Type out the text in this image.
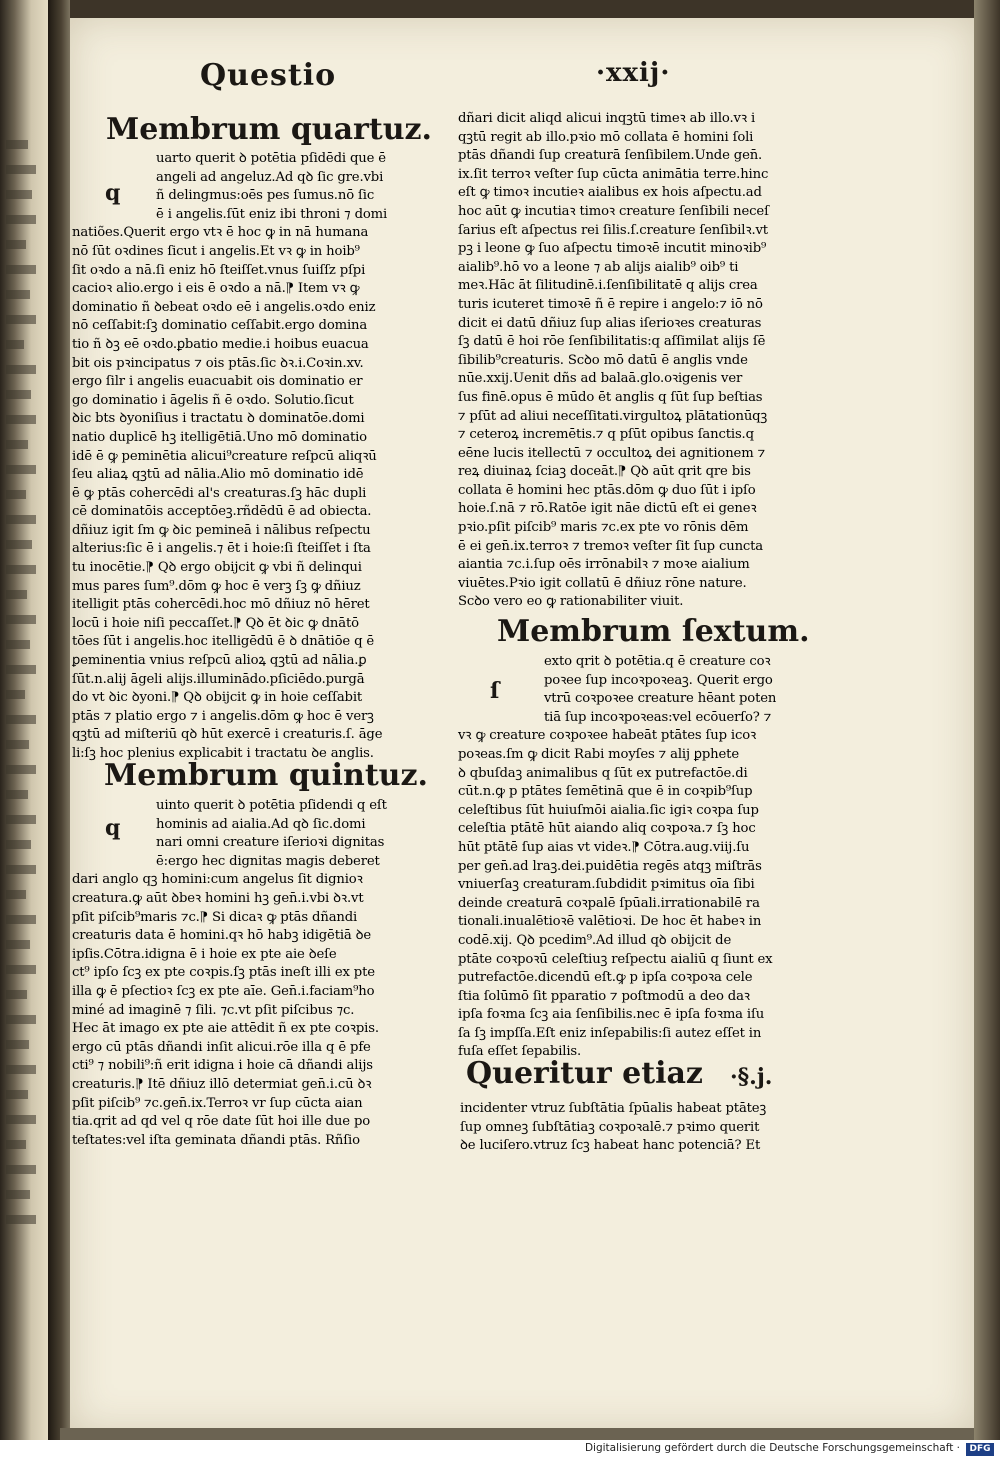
Questio	·xxij·
Membrum quartuz.
q
uarto querit ꝺ potētia pſidēdi que ē
angeli ad angeluz.Ad qꝺ ſic gre.vbi
ñ delingmus:oēs pes ſumus.nō ſic
ē i angelis.ſūt eniz ibi throni ⁊ domi
natiões.Querit ergo vtꝛ ē hoc ꝙ in nā humana
nō ſūt oꝛdines ſicut i angelis.Et vꝛ ꝙ in hoib⁹
ſit oꝛdo a nā.ſi eniz hō ſteiſſet.vnus ſuiſſz pſpi
cacioꝛ alio.ergo i eis ē oꝛdo a nā.⁋ Item vꝛ ꝙ
dominatio ñ ꝺebeat oꝛdo eē i angelis.oꝛdo eniz
nō ceſſabit:ſꝫ dominatio ceſſabit.ergo domina
tio ñ ꝺꝫ eē oꝛdo.ꝑbatio medie.i hoibus euacua
bit ois pꝛincipatus ⁊ ois ptās.ſic ꝺꝛ.i.Coꝛin.xv.
ergo ſilr i angelis euacuabit ois dominatio er
go dominatio i āgelis ñ ē oꝛdo. Solutio.ſicut
ꝺic bts ꝺyoniſius i tractatu ꝺ dominatōe.domi
natio duplicē hꝫ itelligētiā.Uno mō dominatio
idē ē ꝙ peminētia alicui⁹creature reſpcū aliqꝛū
ſeu aliaꝝ qꝫtū ad nālia.Alio mō dominatio idē
ē ꝙ ptās cohercēdi al's creaturas.ſꝫ hāc dupli
cē dominatōis acceptōeꝫ.rñdēdū ē ad obiecta.
dñiuz igit ſm ꝙ ꝺic pemineā i nālibus reſpectu
alterius:ſic ē i angelis.⁊ ēt i hoie:ſi ſteiſſet i ſta
tu inocētie.⁋ Qꝺ ergo obijcit ꝙ vbi ñ delinqui
mus pares ſum⁹.dōm ꝙ hoc ē verꝫ ſꝫ ꝙ dñiuz
itelligit ptās cohercēdi.hoc mō dñiuz nō hēret
locū i hoie niſi peccaſſet.⁋ Qꝺ ēt ꝺic ꝙ dnātō
tōes ſūt i angelis.hoc itelligēdū ē ꝺ dnātiōe q ē
ꝑeminentia vnius reſpcū alioꝝ qꝫtū ad nālia.ꝑ
ſūt.n.alij āgeli alijs.illuminādo.pſiciēdo.purgā
do vt ꝺic ꝺyoni.⁋ Qꝺ obijcit ꝙ in hoie ceſſabit
ptās ⁊ platio ergo ⁊ i angelis.dōm ꝙ hoc ē verꝫ
qꝫtū ad miſteriū qꝺ hūt exercē i creaturis.ſ. āge
li:ſꝫ hoc plenius explicabit i tractatu ꝺe anglis.
Membrum quintuz.
q
uinto querit ꝺ potētia pſidendi q eſt
hominis ad aialia.Ad qꝺ ſic.domi
nari omni creature iſerioꝛi dignitas
ē:ergo hec dignitas magis deberet
dari anglo qꝫ homini:cum angelus ſit dignioꝛ
creatura.ꝙ aūt ꝺbeꝛ homini hꝫ gen̄.i.vbi ꝺꝛ.vt
pſit piſcib⁹maris ⁊c.⁋ Si dicaꝛ ꝙ ptās dñandi
creaturis data ē homini.qꝛ hō habꝫ idigētiā ꝺe
ipſis.Cōtra.idigna ē i hoie ex pte aie ꝺeſe
ct⁹ ipſo ſcꝫ ex pte coꝛpis.ſꝫ ptās ineſt illi ex pte
illa ꝙ ē pſectioꝛ ſcꝫ ex pte aīe. Gen̄.i.faciam⁹ho
miné ad imaginē ⁊ ſili. ⁊c.vt pſit piſcibus ⁊c.
Hec āt imago ex pte aie attēdit ñ ex pte coꝛpis.
ergo cū ptās dñandi inſit alicui.rōe illa q ē pfe
cti⁹ ⁊ nobili⁹:ñ erit idigna i hoie cā dñandi alijs
creaturis.⁋ Itē dñiuz illō determiat gen̄.i.cū ꝺꝛ
pſit piſcib⁹ ⁊c.gen̄.ix.Terroꝛ vr ſup cūcta aian
tia.qrit ad qd vel q rōe date ſūt hoi ille due po
teſtates:vel iſta geminata dñandi ptās. Rñſio
dñari dicit aliqd alicui inqꝫtū timeꝛ ab illo.vꝛ i
qꝫtū regit ab illo.pꝛio mō collata ē homini ſoli
ptās dñandi ſup creaturā ſenſibilem.Unde gen̄.
ix.ſit terroꝛ veſter ſup cūcta animātia terre.hinc
eſt ꝙ timoꝛ incutieꝛ aialibus ex hois aſpectu.ad
hoc aūt ꝙ incutiaꝛ timoꝛ creature ſenſibili neceſ
ſarius eſt aſpectus rei ſilis.ſ.creature ſenſibilꝛ.vt
pꝫ i leone ꝙ ſuo aſpectu timoꝛē incutit minoꝛib⁹
aialib⁹.hō vo a leone ⁊ ab alijs aialib⁹ oib⁹ ti
meꝛ.Hāc āt ſilitudinē.i.ſenſibilitatē q alijs crea
turis icuteret timoꝛē ñ ē repire i angelo:⁊ iō nō
dicit ei datū dñiuz ſup alias iſerioꝛes creaturas
ſꝫ datū ē hoi rōe ſenſibilitatis:q aſſimilat alijs ſē
ſibilib⁹creaturis. Scꝺo mō datū ē anglis vnde
nūe.xxij.Uenit dñs ad balaā.glo.oꝛigenis ver
ſus finē.opus ē mūdo ēt anglis q ſūt ſup beſtias
⁊ pſūt ad aliui neceſſitati.virgultoꝝ plātationūqꝫ
⁊ ceteroꝝ incremētis.⁊ q pſūt opibus ſanctis.q
eēne lucis itellectū ⁊ occultoꝝ dei agnitionem ⁊
reꝝ diuinaꝝ ſciaꝫ doceāt.⁋ Qꝺ aūt qrit qre bis
collata ē homini hec ptās.dōm ꝙ duo ſūt i ipſo
hoie.ſ.nā ⁊ rō.Ratōe igit nāe dictū eſt ei geneꝛ
pꝛio.pſit piſcib⁹ maris ⁊c.ex pte vo rōnis dēm
ē ei gen̄.ix.terroꝛ ⁊ tremoꝛ veſter ſit ſup cuncta
aiantia ⁊c.i.ſup oēs irrōnabilꝛ ⁊ moꝛe aialium
viuētes.Pꝛio igit collatū ē dñiuz rōne nature.
Scꝺo vero eo ꝙ rationabiliter viuit.
Membrum ſextum.
ſ
exto qrit ꝺ potētia.q ē creature coꝛ
poꝛee ſup incoꝛpoꝛeaꝫ. Querit ergo
vtrū coꝛpoꝛee creature hēant poten
tiā ſup incoꝛpoꝛeas:vel ecōuerſo? ⁊
vꝛ ꝙ creature coꝛpoꝛee habeāt ptātes ſup icoꝛ
poꝛeas.ſm ꝙ dicit Rabi moyſes ⁊ alij ꝑphete
ꝺ qbuſdaꝫ animalibus q ſūt ex putrefactōe.di
cūt.n.ꝙ p ptātes ſemētinā que ē in coꝛpib⁹ſup
celeſtibus ſūt huiuſmōi aialia.ſic igiꝛ coꝛpa ſup
celeſtia ptātē hūt aiando aliq coꝛpoꝛa.⁊ ſꝫ hoc
hūt ptātē ſup aias vt videꝛ.⁋ Cōtra.aug.viij.ſu
per gen̄.ad lraꝫ.dei.puidētia regēs atqꝫ miſtrās
vniuerſaꝫ creaturam.ſubdidit pꝛimitus oīa ſibi
deinde creaturā coꝛpalē ſpūali.irrationabilē ra
tionali.inualētioꝛē valētioꝛi. De hoc ēt habeꝛ in
codē.xij. Qꝺ pcedim⁹.Ad illud qꝺ obijcit de
ptāte coꝛpoꝛū celeſtiuꝫ reſpectu aialiū q ſiunt ex
putrefactōe.dicendū eſt.ꝙ p ipſa coꝛpoꝛa cele
ſtia ſolūmō ſit pparatio ⁊ poſtmodū a deo daꝛ
ipſa foꝛma ſcꝫ aia ſenſibilis.nec ē ipſa foꝛma iſu
ſa ſꝫ impſſa.Eſt eniz inſepabilis:ſi autez eſſet in
fuſa eſſet ſepabilis.
Queritur etiaz ·§.j.
incidenter vtruz ſubſtātia ſpūalis habeat ptāteꝫ
ſup omneꝫ ſubſtātiaꝫ coꝛpoꝛalē.⁊ pꝛimo querit
ꝺe luciſero.vtruz ſcꝫ habeat hanc potenciā? Et
Digitalisierung gefördert durch die Deutsche Forschungsgemeinschaft ·	DFG
